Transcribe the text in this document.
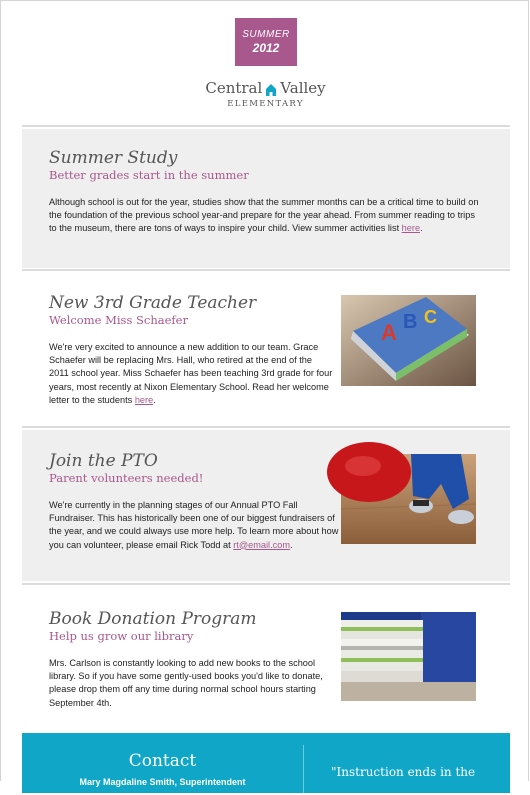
SUMMER
2012
Central Valley
ELEMENTARY
Summer Study
Better grades start in the summer
Although school is out for the year, studies show that the summer months can be a critical time to build on the foundation of the previous school year-and prepare for the year ahead. From summer reading to trips to the museum, there are tons of ways to inspire your child. View summer activities list here.
New 3rd Grade Teacher
Welcome Miss Schaefer
We're very excited to announce a new addition to our team. Grace Schaefer will be replacing Mrs. Hall, who retired at the end of the 2011 school year. Miss Schaefer has been teaching 3rd grade for four years, most recently at Nixon Elementary School. Read her welcome letter to the students here.
A B C
Join the PTO
Parent volunteers needed!
We're currently in the planning stages of our Annual PTO Fall Fundraiser. This has historically been one of our biggest fundraisers of the year, and we could always use more help. To learn more about how you can volunteer, please email Rick Todd at rt@email.com.
Book Donation Program
Help us grow our library
Mrs. Carlson is constantly looking to add new books to the school library. So if you have some gently-used books you'd like to donate, please drop them off any time during normal school hours starting September 4th.
Contact
Mary Magdaline Smith, Superintendent
"Instruction ends in the
